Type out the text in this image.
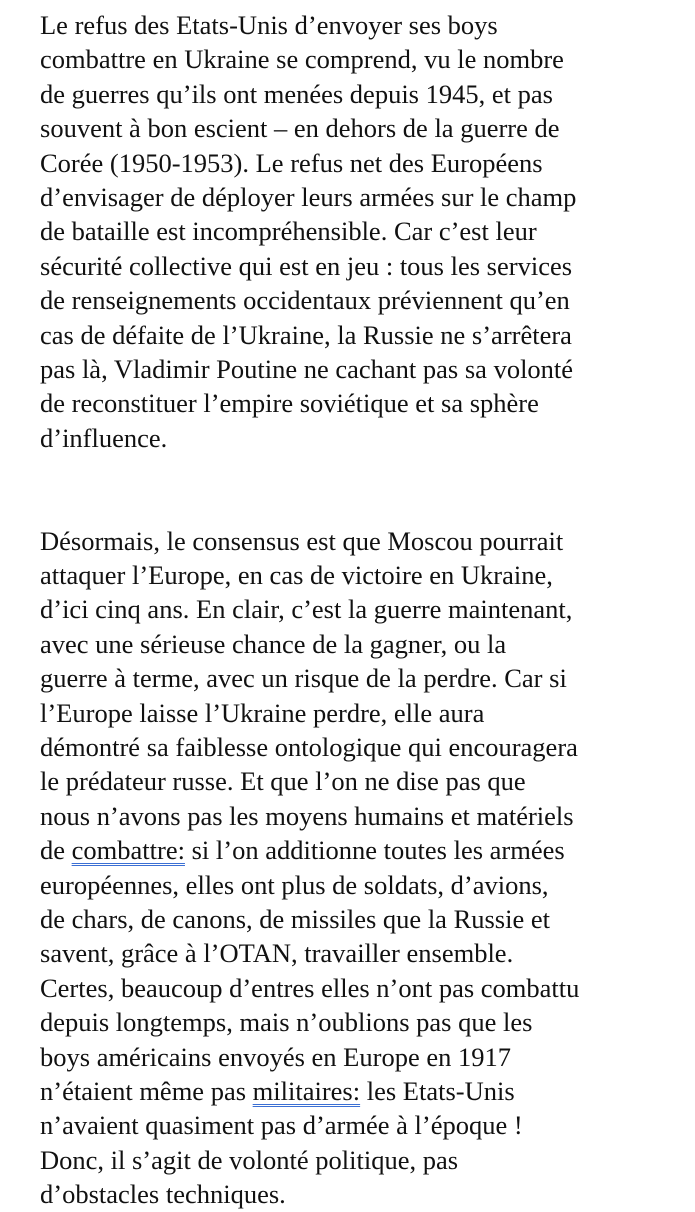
Le refus des Etats-Unis d’envoyer ses boys
combattre en Ukraine se comprend, vu le nombre
de guerres qu’ils ont menées depuis 1945, et pas
souvent à bon escient – en dehors de la guerre de
Corée (1950-1953). Le refus net des Européens
d’envisager de déployer leurs armées sur le champ
de bataille est incompréhensible. Car c’est leur
sécurité collective qui est en jeu : tous les services
de renseignements occidentaux préviennent qu’en
cas de défaite de l’Ukraine, la Russie ne s’arrêtera
pas là, Vladimir Poutine ne cachant pas sa volonté
de reconstituer l’empire soviétique et sa sphère
d’influence.
Désormais, le consensus est que Moscou pourrait
attaquer l’Europe, en cas de victoire en Ukraine,
d’ici cinq ans. En clair, c’est la guerre maintenant,
avec une sérieuse chance de la gagner, ou la
guerre à terme, avec un risque de la perdre. Car si
l’Europe laisse l’Ukraine perdre, elle aura
démontré sa faiblesse ontologique qui encouragera
le prédateur russe. Et que l’on ne dise pas que
nous n’avons pas les moyens humains et matériels
de combattre: si l’on additionne toutes les armées
européennes, elles ont plus de soldats, d’avions,
de chars, de canons, de missiles que la Russie et
savent, grâce à l’OTAN, travailler ensemble.
Certes, beaucoup d’entres elles n’ont pas combattu
depuis longtemps, mais n’oublions pas que les
boys américains envoyés en Europe en 1917
n’étaient même pas militaires: les Etats-Unis
n’avaient quasiment pas d’armée à l’époque !
Donc, il s’agit de volonté politique, pas
d’obstacles techniques.
